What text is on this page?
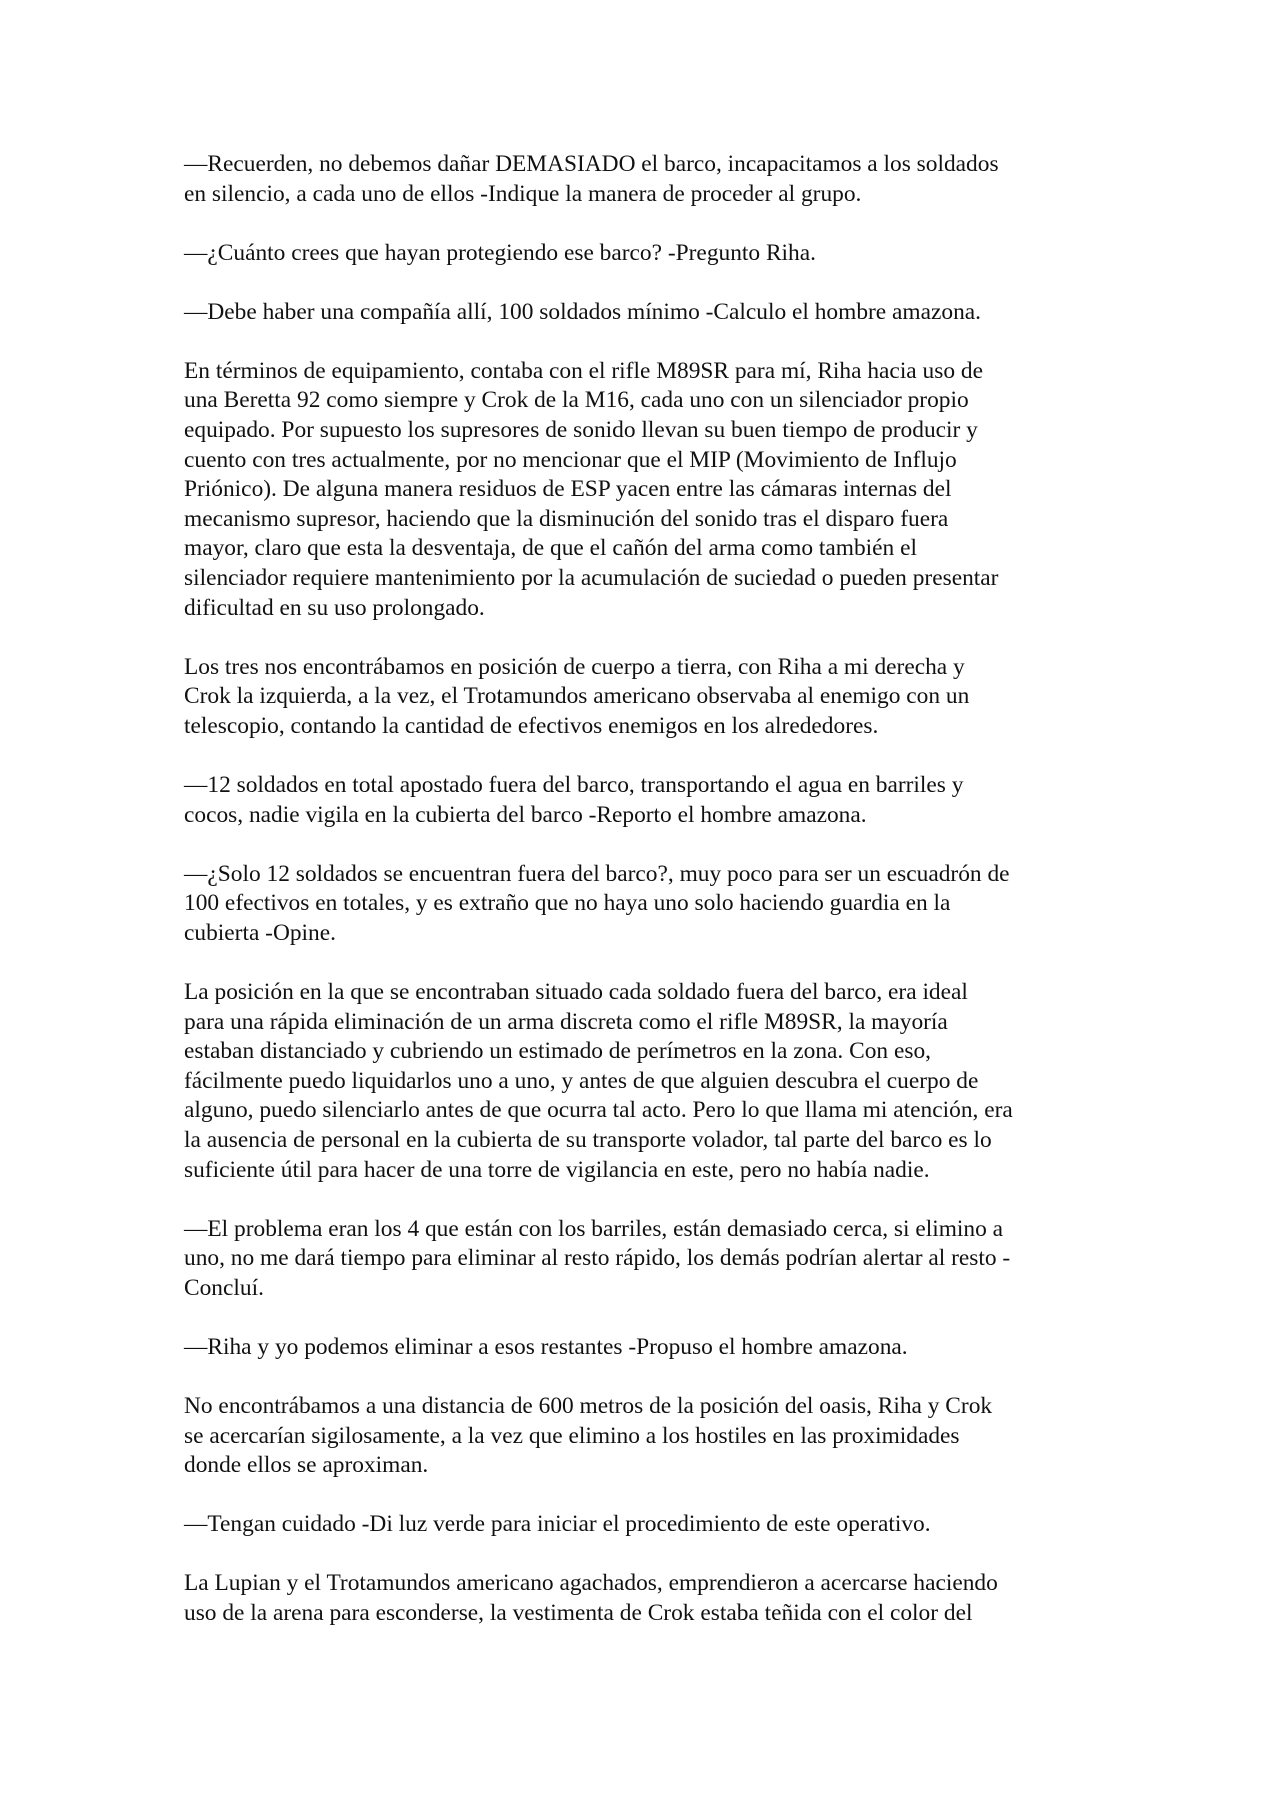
—Recuerden, no debemos dañar DEMASIADO el barco, incapacitamos a los soldados
en silencio, a cada uno de ellos -Indique la manera de proceder al grupo.

—¿Cuánto crees que hayan protegiendo ese barco? -Pregunto Riha.

—Debe haber una compañía allí, 100 soldados mínimo -Calculo el hombre amazona.

En términos de equipamiento, contaba con el rifle M89SR para mí, Riha hacia uso de
una Beretta 92 como siempre y Crok de la M16, cada uno con un silenciador propio
equipado. Por supuesto los supresores de sonido llevan su buen tiempo de producir y
cuento con tres actualmente, por no mencionar que el MIP (Movimiento de Influjo
Priónico). De alguna manera residuos de ESP yacen entre las cámaras internas del
mecanismo supresor, haciendo que la disminución del sonido tras el disparo fuera
mayor, claro que esta la desventaja, de que el cañón del arma como también el
silenciador requiere mantenimiento por la acumulación de suciedad o pueden presentar
dificultad en su uso prolongado.

Los tres nos encontrábamos en posición de cuerpo a tierra, con Riha a mi derecha y
Crok la izquierda, a la vez, el Trotamundos americano observaba al enemigo con un
telescopio, contando la cantidad de efectivos enemigos en los alrededores.

—12 soldados en total apostado fuera del barco, transportando el agua en barriles y
cocos, nadie vigila en la cubierta del barco -Reporto el hombre amazona.

—¿Solo 12 soldados se encuentran fuera del barco?, muy poco para ser un escuadrón de
100 efectivos en totales, y es extraño que no haya uno solo haciendo guardia en la
cubierta -Opine.

La posición en la que se encontraban situado cada soldado fuera del barco, era ideal
para una rápida eliminación de un arma discreta como el rifle M89SR, la mayoría
estaban distanciado y cubriendo un estimado de perímetros en la zona. Con eso,
fácilmente puedo liquidarlos uno a uno, y antes de que alguien descubra el cuerpo de
alguno, puedo silenciarlo antes de que ocurra tal acto. Pero lo que llama mi atención, era
la ausencia de personal en la cubierta de su transporte volador, tal parte del barco es lo
suficiente útil para hacer de una torre de vigilancia en este, pero no había nadie.

—El problema eran los 4 que están con los barriles, están demasiado cerca, si elimino a
uno, no me dará tiempo para eliminar al resto rápido, los demás podrían alertar al resto -
Concluí.

—Riha y yo podemos eliminar a esos restantes -Propuso el hombre amazona.

No encontrábamos a una distancia de 600 metros de la posición del oasis, Riha y Crok
se acercarían sigilosamente, a la vez que elimino a los hostiles en las proximidades
donde ellos se aproximan.

—Tengan cuidado -Di luz verde para iniciar el procedimiento de este operativo.

La Lupian y el Trotamundos americano agachados, emprendieron a acercarse haciendo
uso de la arena para esconderse, la vestimenta de Crok estaba teñida con el color del
